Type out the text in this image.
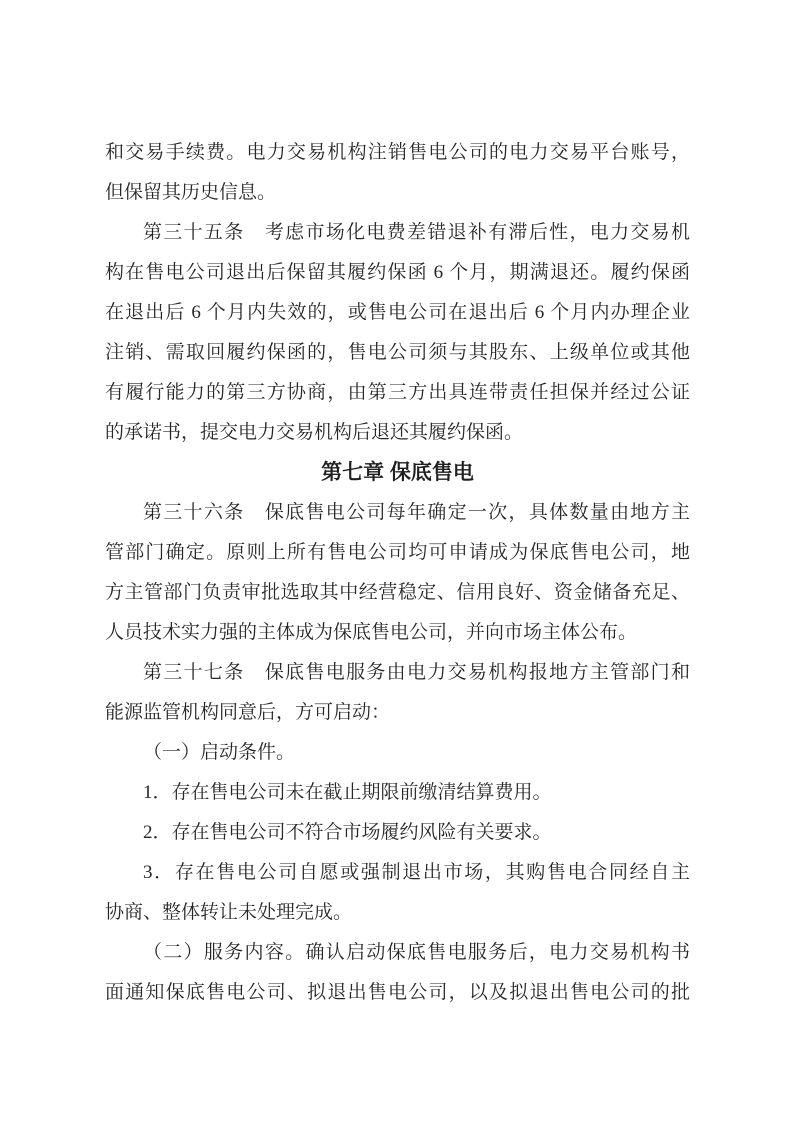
和交易手续费。电力交易机构注销售电公司的电力交易平台账号，
但保留其历史信息。
第三十五条　考虑市场化电费差错退补有滞后性，电力交易机
构在售电公司退出后保留其履约保函 6 个月，期满退还。履约保函
在退出后 6 个月内失效的，或售电公司在退出后 6 个月内办理企业
注销、需取回履约保函的，售电公司须与其股东、上级单位或其他
有履行能力的第三方协商，由第三方出具连带责任担保并经过公证
的承诺书，提交电力交易机构后退还其履约保函。
第七章 保底售电
第三十六条　保底售电公司每年确定一次，具体数量由地方主
管部门确定。原则上所有售电公司均可申请成为保底售电公司，地
方主管部门负责审批选取其中经营稳定、信用良好、资金储备充足、
人员技术实力强的主体成为保底售电公司，并向市场主体公布。
第三十七条　保底售电服务由电力交易机构报地方主管部门和
能源监管机构同意后，方可启动：
（一）启动条件。
1．存在售电公司未在截止期限前缴清结算费用。
2．存在售电公司不符合市场履约风险有关要求。
3．存在售电公司自愿或强制退出市场，其购售电合同经自主
协商、整体转让未处理完成。
（二）服务内容。确认启动保底售电服务后，电力交易机构书
面通知保底售电公司、拟退出售电公司，以及拟退出售电公司的批
